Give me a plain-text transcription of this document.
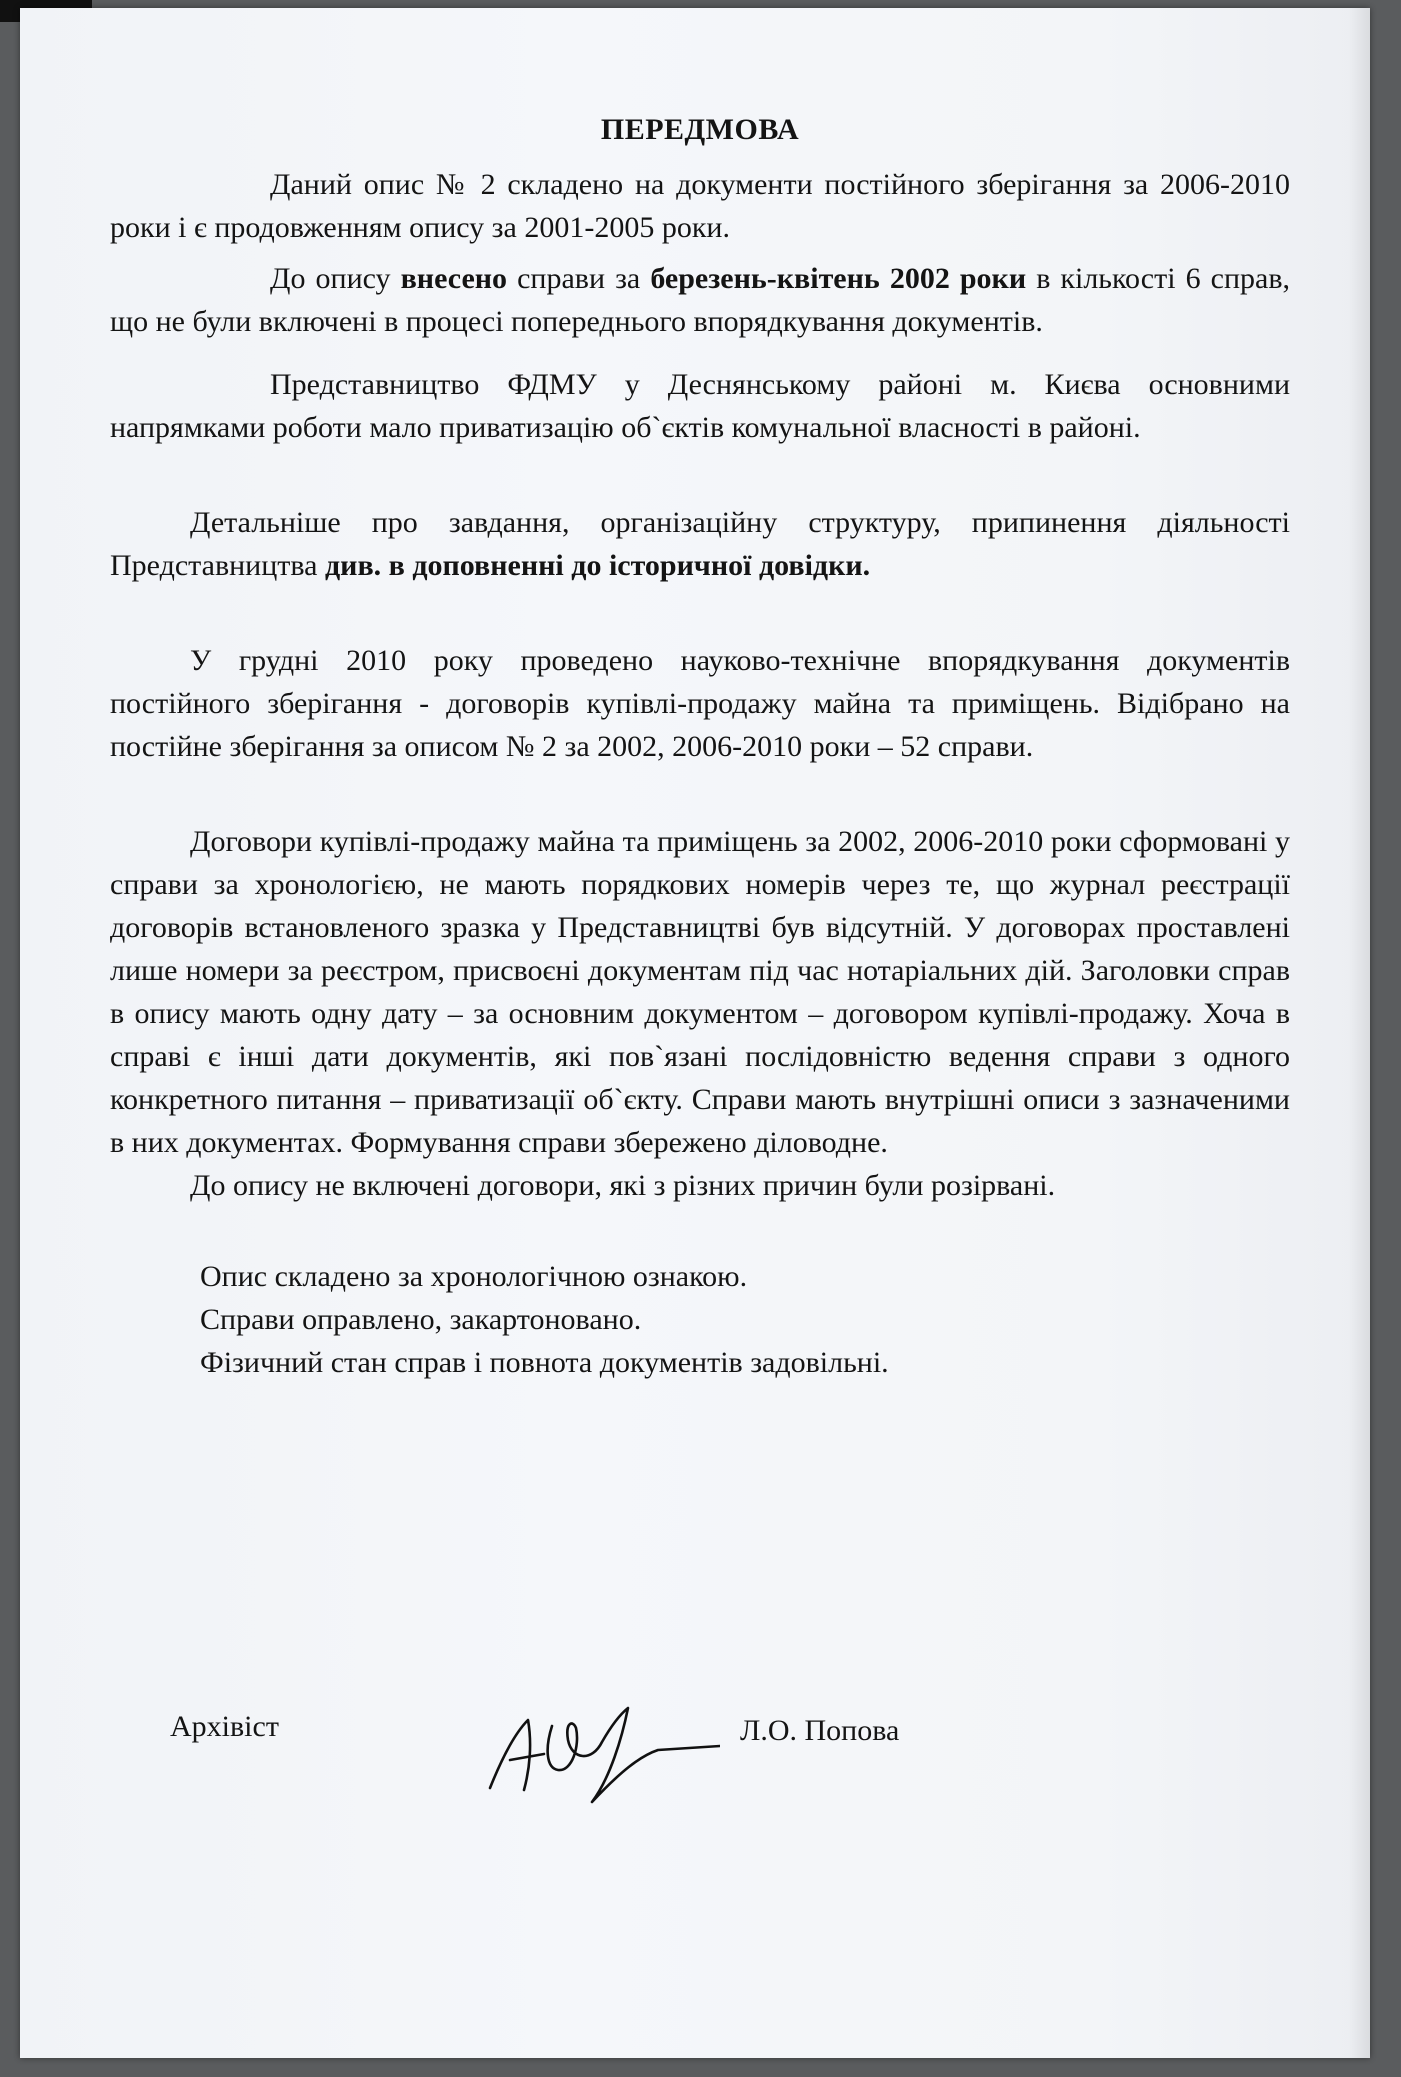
ПЕРЕДМОВА

Даний опис № 2 складено на документи постійного зберігання за 2006-2010 роки і є продовженням опису за 2001-2005 роки.

До опису внесено справи за березень-квітень 2002 роки в кількості 6 справ, що не були включені в процесі попереднього впорядкування документів.

Представництво ФДМУ у Деснянському районі м. Києва основними напрямками роботи мало приватизацію об`єктів комунальної власності в районі.

Детальніше про завдання, організаційну структуру, припинення діяльності Представництва див. в доповненні до історичної довідки.

У грудні 2010 року проведено науково-технічне впорядкування документів постійного зберігання - договорів купівлі-продажу майна та приміщень. Відібрано на постійне зберігання за описом № 2 за 2002, 2006-2010 роки – 52 справи.

Договори купівлі-продажу майна та приміщень за 2002, 2006-2010 роки сформовані у справи за хронологією, не мають порядкових номерів через те, що журнал реєстрації договорів встановленого зразка у Представництві був відсутній. У договорах проставлені лише номери за реєстром, присвоєні документам під час нотаріальних дій. Заголовки справ в опису мають одну дату – за основним документом – договором купівлі-продажу. Хоча в справі є інші дати документів, які пов`язані послідовністю ведення справи з одного конкретного питання – приватизації об`єкту. Справи мають внутрішні описи з зазначеними в них документах. Формування справи збережено діловодне.

До опису не включені договори, які з різних причин були розірвані.

Опис складено за хронологічною ознакою.
Справи оправлено, закартоновано.
Фізичний стан справ і повнота документів задовільні.
Архівіст	Л.О. Попова
